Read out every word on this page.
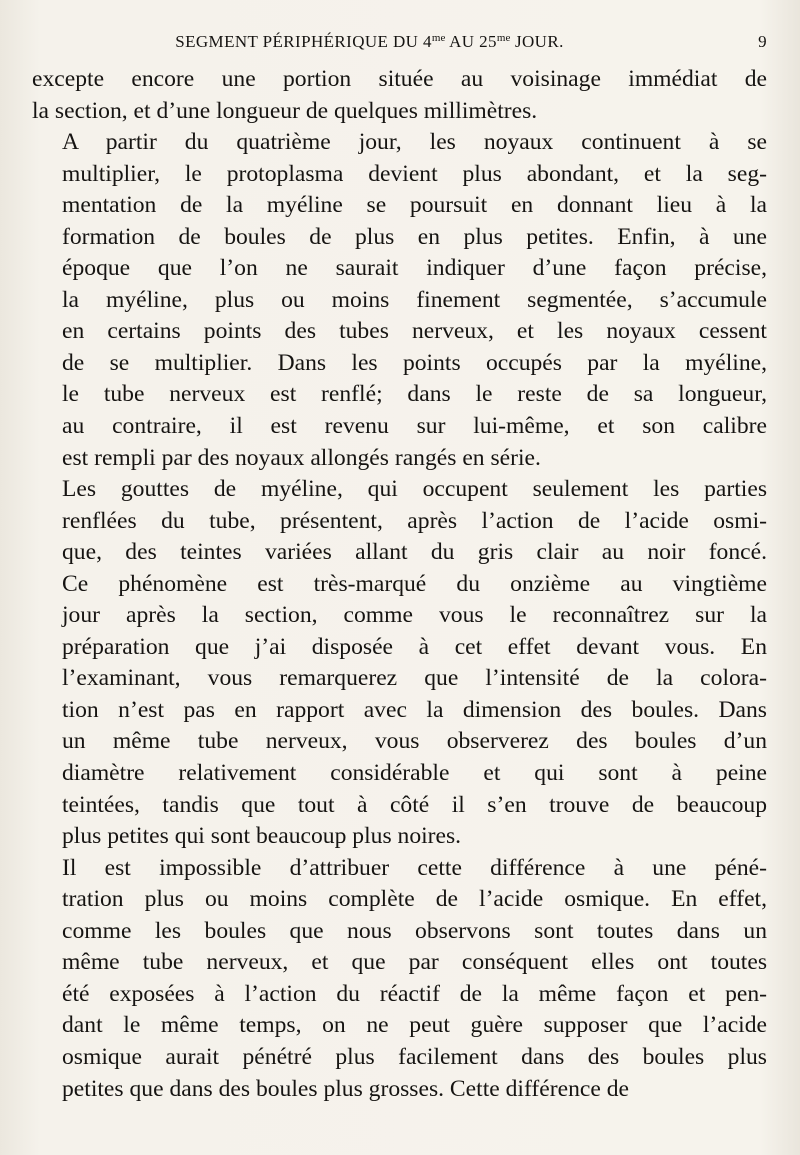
SEGMENT PÉRIPHÉRIQUE DU $4^{me}$ AU $25^{me}$ JOUR.	9

excepte encore une portion située au voisinage immédiat de
la section, et d’une longueur de quelques millimètres.

A partir du quatrième jour, les noyaux continuent à se
multiplier, le protoplasma devient plus abondant, et la seg-
mentation de la myéline se poursuit en donnant lieu à la
formation de boules de plus en plus petites. Enfin, à une
époque que l’on ne saurait indiquer d’une façon précise,
la myéline, plus ou moins finement segmentée, s’accumule
en certains points des tubes nerveux, et les noyaux cessent
de se multiplier. Dans les points occupés par la myéline,
le tube nerveux est renflé; dans le reste de sa longueur,
au contraire, il est revenu sur lui-même, et son calibre
est rempli par des noyaux allongés rangés en série.

Les gouttes de myéline, qui occupent seulement les parties
renflées du tube, présentent, après l’action de l’acide osmi-
que, des teintes variées allant du gris clair au noir foncé.
Ce phénomène est très-marqué du onzième au vingtième
jour après la section, comme vous le reconnaîtrez sur la
préparation que j’ai disposée à cet effet devant vous. En
l’examinant, vous remarquerez que l’intensité de la colora-
tion n’est pas en rapport avec la dimension des boules. Dans
un même tube nerveux, vous observerez des boules d’un
diamètre relativement considérable et qui sont à peine
teintées, tandis que tout à côté il s’en trouve de beaucoup
plus petites qui sont beaucoup plus noires.

Il est impossible d’attribuer cette différence à une péné-
tration plus ou moins complète de l’acide osmique. En effet,
comme les boules que nous observons sont toutes dans un
même tube nerveux, et que par conséquent elles ont toutes
été exposées à l’action du réactif de la même façon et pen-
dant le même temps, on ne peut guère supposer que l’acide
osmique aurait pénétré plus facilement dans des boules plus
petites que dans des boules plus grosses. Cette différence de
